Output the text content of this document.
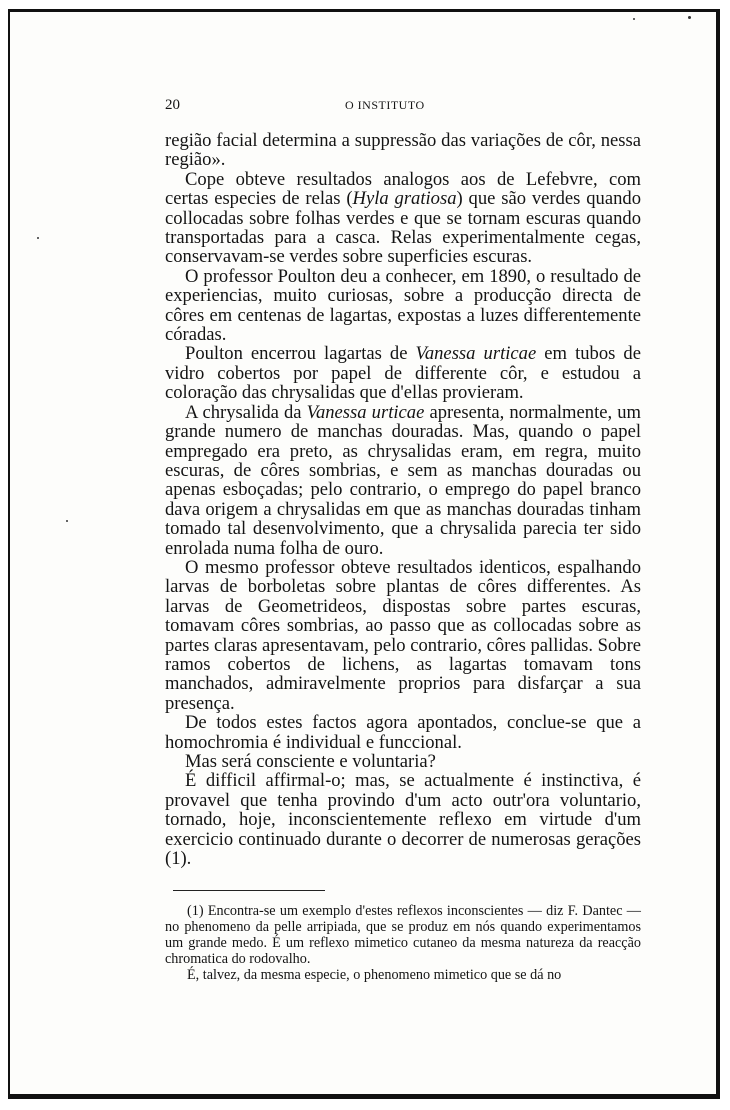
20	O INSTITUTO

região facial determina a suppressão das variações de côr, nessa região».

Cope obteve resultados analogos aos de Lefebvre, com certas especies de relas (Hyla gratiosa) que são verdes quando collocadas sobre folhas verdes e que se tornam escuras quando transportadas para a casca. Relas experimentalmente cegas, conservavam-se verdes sobre superficies escuras.

O professor Poulton deu a conhecer, em 1890, o resultado de experiencias, muito curiosas, sobre a producção directa de côres em centenas de lagartas, expostas a luzes differentemente córadas.

Poulton encerrou lagartas de Vanessa urticae em tubos de vidro cobertos por papel de differente côr, e estudou a coloração das chrysalidas que d'ellas provieram.

A chrysalida da Vanessa urticae apresenta, normalmente, um grande numero de manchas douradas. Mas, quando o papel empregado era preto, as chrysalidas eram, em regra, muito escuras, de côres sombrias, e sem as manchas douradas ou apenas esboçadas; pelo contrario, o emprego do papel branco dava origem a chrysalidas em que as manchas douradas tinham tomado tal desenvolvimento, que a chrysalida parecia ter sido enrolada numa folha de ouro.

O mesmo professor obteve resultados identicos, espalhando larvas de borboletas sobre plantas de côres differentes. As larvas de Geometrideos, dispostas sobre partes escuras, tomavam côres sombrias, ao passo que as collocadas sobre as partes claras apresentavam, pelo contrario, côres pallidas. Sobre ramos cobertos de lichens, as lagartas tomavam tons manchados, admiravelmente proprios para disfarçar a sua presença.

De todos estes factos agora apontados, conclue-se que a homochromia é individual e funccional.

Mas será consciente e voluntaria?

É difficil affirmal-o; mas, se actualmente é instinctiva, é provavel que tenha provindo d'um acto outr'ora voluntario, tornado, hoje, inconscientemente reflexo em virtude d'um exercicio continuado durante o decorrer de numerosas gerações (1).

(1) Encontra-se um exemplo d'estes reflexos inconscientes — diz F. Dantec — no phenomeno da pelle arripiada, que se produz em nós quando experimentamos um grande medo. É um reflexo mimetico cutaneo da mesma natureza da reacção chromatica do rodovalho.

É, talvez, da mesma especie, o phenomeno mimetico que se dá no
